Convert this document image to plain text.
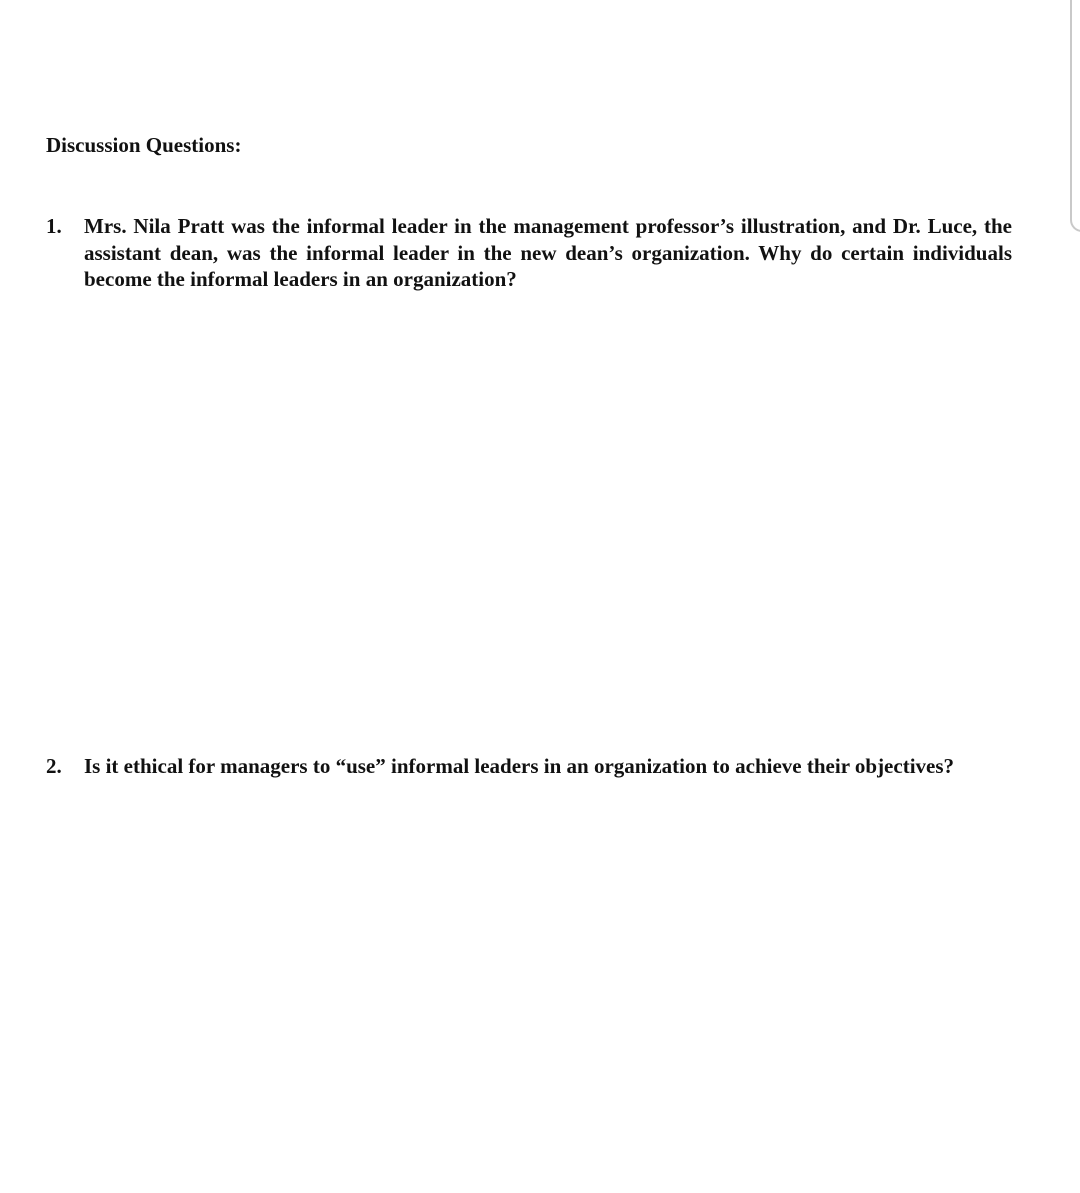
Discussion Questions:
1.	Mrs. Nila Pratt was the informal leader in the management professor’s illustration, and Dr. Luce, the assistant dean, was the informal leader in the new dean’s organization. Why do certain individuals become the informal leaders in an organization?
2.	Is it ethical for managers to “use” informal leaders in an organization to achieve their objectives?
